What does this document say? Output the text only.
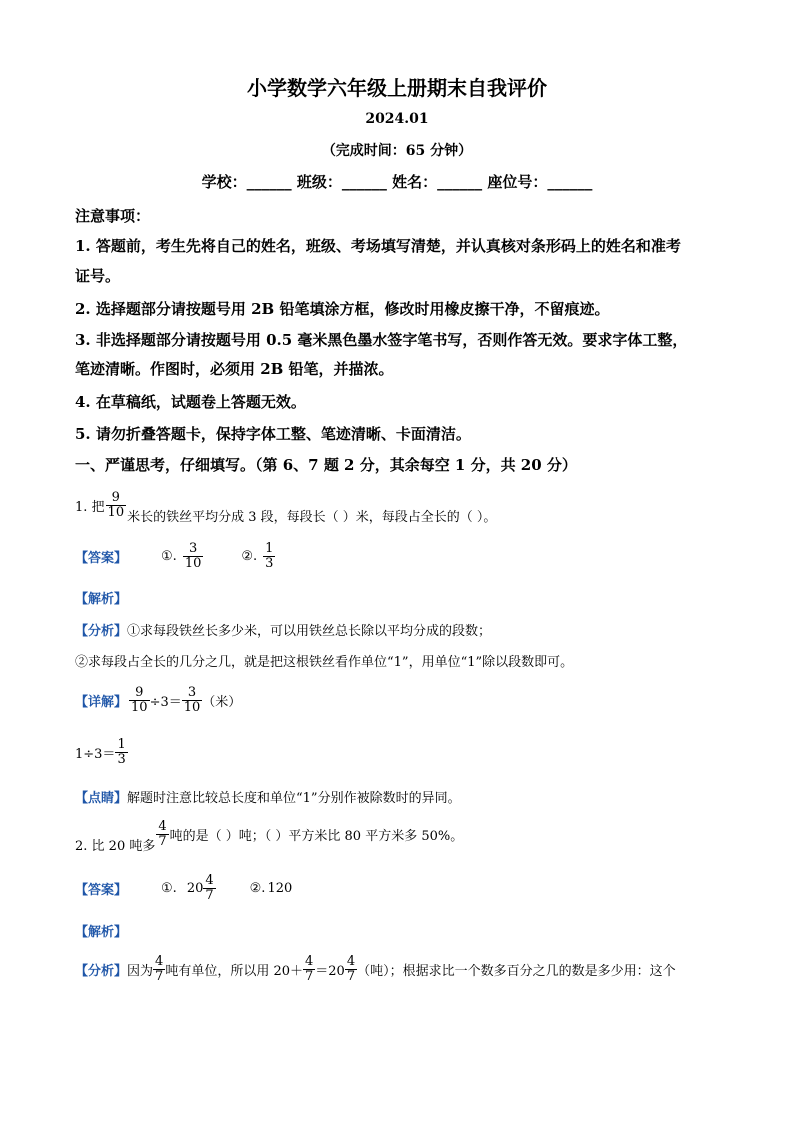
小学数学六年级上册期末自我评价
2024.01
（完成时间：65 分钟）
学校：______ 班级：______ 姓名：______ 座位号：______
注意事项：
1. 答题前，考生先将自己的姓名，班级、考场填写清楚，并认真核对条形码上的姓名和准考
证号。
2. 选择题部分请按题号用 2B 铅笔填涂方框，修改时用橡皮擦干净，不留痕迹。
3. 非选择题部分请按题号用 0.5 毫米黑色墨水签字笔书写，否则作答无效。要求字体工整，
笔迹清晰。作图时，必须用 2B 铅笔，并描浓。
4. 在草稿纸，试题卷上答题无效。
5. 请勿折叠答题卡，保持字体工整、笔迹清晰、卡面清洁。
一、严谨思考，仔细填写。（第 6、7 题 2 分，其余每空 1 分，共 20 分）
1. 把 $\frac{9}{10}$ 米长的铁丝平均分成 3 段，每段长（ ）米，每段占全长的（ ）。
【答案】	①. $\frac{3}{10}$	②. $\frac{1}{3}$
【解析】
【分析】①求每段铁丝长多少米，可以用铁丝总长除以平均分成的段数；
②求每段占全长的几分之几，就是把这根铁丝看作单位“1”，用单位“1”除以段数即可。
【详解】 $\frac{9}{10} \div 3= \frac{3}{10}$ （米）
$1\div 3= \frac{1}{3}$
【点睛】解题时注意比较总长度和单位“1”分别作被除数时的异同。
2. 比 20 吨多 $\frac{4}{7}$ 吨的是（ ）吨；（ ）平方米比 80 平方米多 50%。
【答案】	①. $20 \frac{4}{7}$	②. 120
【解析】
【分析】 因为 $\frac{4}{7}$ 吨有单位，所以用 $20+ \frac{4}{7} =20 \frac{4}{7}$ （吨）；根据求比一个数多百分之几的数是多少用：这个
